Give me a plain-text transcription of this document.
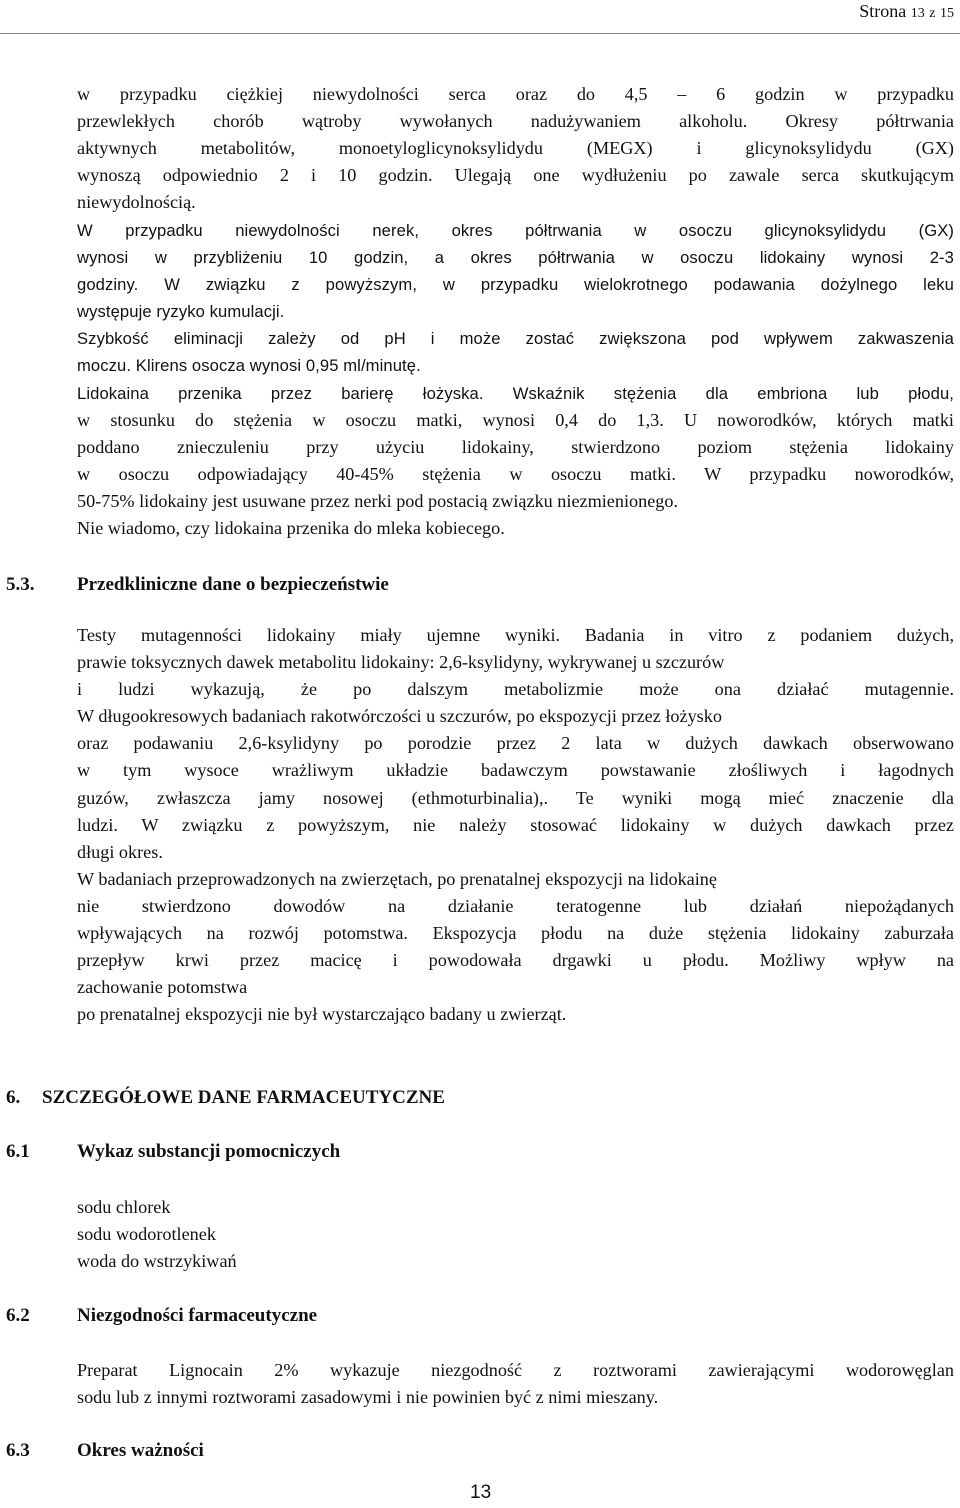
Strona 13 z 15
w przypadku ciężkiej niewydolności serca oraz do 4,5 – 6 godzin w przypadku
przewlekłych chorób wątroby wywołanych nadużywaniem alkoholu. Okresy półtrwania
aktywnych metabolitów, monoetyloglicynoksylidydu (MEGX) i glicynoksylidydu (GX)
wynoszą odpowiednio 2 i 10 godzin. Ulegają one wydłużeniu po zawale serca skutkującym
niewydolnością.
W przypadku niewydolności nerek, okres półtrwania w osoczu glicynoksylidydu (GX)
wynosi w przybliżeniu 10 godzin, a okres półtrwania w osoczu lidokainy wynosi 2-3
godziny. W związku z powyższym, w przypadku wielokrotnego podawania dożylnego leku
występuje ryzyko kumulacji.
Szybkość eliminacji zależy od pH i może zostać zwiększona pod wpływem zakwaszenia
moczu. Klirens osocza wynosi 0,95 ml/minutę.
Lidokaina przenika przez barierę łożyska. Wskaźnik stężenia dla embriona lub płodu,
w stosunku do stężenia w osoczu matki, wynosi 0,4 do 1,3. U noworodków, których matki
poddano znieczuleniu przy użyciu lidokainy, stwierdzono poziom stężenia lidokainy
w osoczu odpowiadający 40-45% stężenia w osoczu matki. W przypadku noworodków,
50-75% lidokainy jest usuwane przez nerki pod postacią związku niezmienionego.
Nie wiadomo, czy lidokaina przenika do mleka kobiecego.
5.3. Przedkliniczne dane o bezpieczeństwie
Testy mutagenności lidokainy miały ujemne wyniki. Badania in vitro z podaniem dużych,
prawie toksycznych dawek metabolitu lidokainy: 2,6-ksylidyny, wykrywanej u szczurów
i ludzi wykazują, że po dalszym metabolizmie może ona działać mutagennie.
W długookresowych badaniach rakotwórczości u szczurów, po ekspozycji przez łożysko
oraz podawaniu 2,6-ksylidyny po porodzie przez 2 lata w dużych dawkach obserwowano
w tym wysoce wrażliwym układzie badawczym powstawanie złośliwych i łagodnych
guzów, zwłaszcza jamy nosowej (ethmoturbinalia),. Te wyniki mogą mieć znaczenie dla
ludzi. W związku z powyższym, nie należy stosować lidokainy w dużych dawkach przez
długi okres.
W badaniach przeprowadzonych na zwierzętach, po prenatalnej ekspozycji na lidokainę
nie stwierdzono dowodów na działanie teratogenne lub działań niepożądanych
wpływających na rozwój potomstwa. Ekspozycja płodu na duże stężenia lidokainy zaburzała
przepływ krwi przez macicę i powodowała drgawki u płodu. Możliwy wpływ na
zachowanie potomstwa
po prenatalnej ekspozycji nie był wystarczająco badany u zwierząt.
6. SZCZEGÓŁOWE DANE FARMACEUTYCZNE
6.1 Wykaz substancji pomocniczych
sodu chlorek
sodu wodorotlenek
woda do wstrzykiwań
6.2 Niezgodności farmaceutyczne
Preparat Lignocain 2% wykazuje niezgodność z roztworami zawierającymi wodorowęglan
sodu lub z innymi roztworami zasadowymi i nie powinien być z nimi mieszany.
6.3 Okres ważności
13
